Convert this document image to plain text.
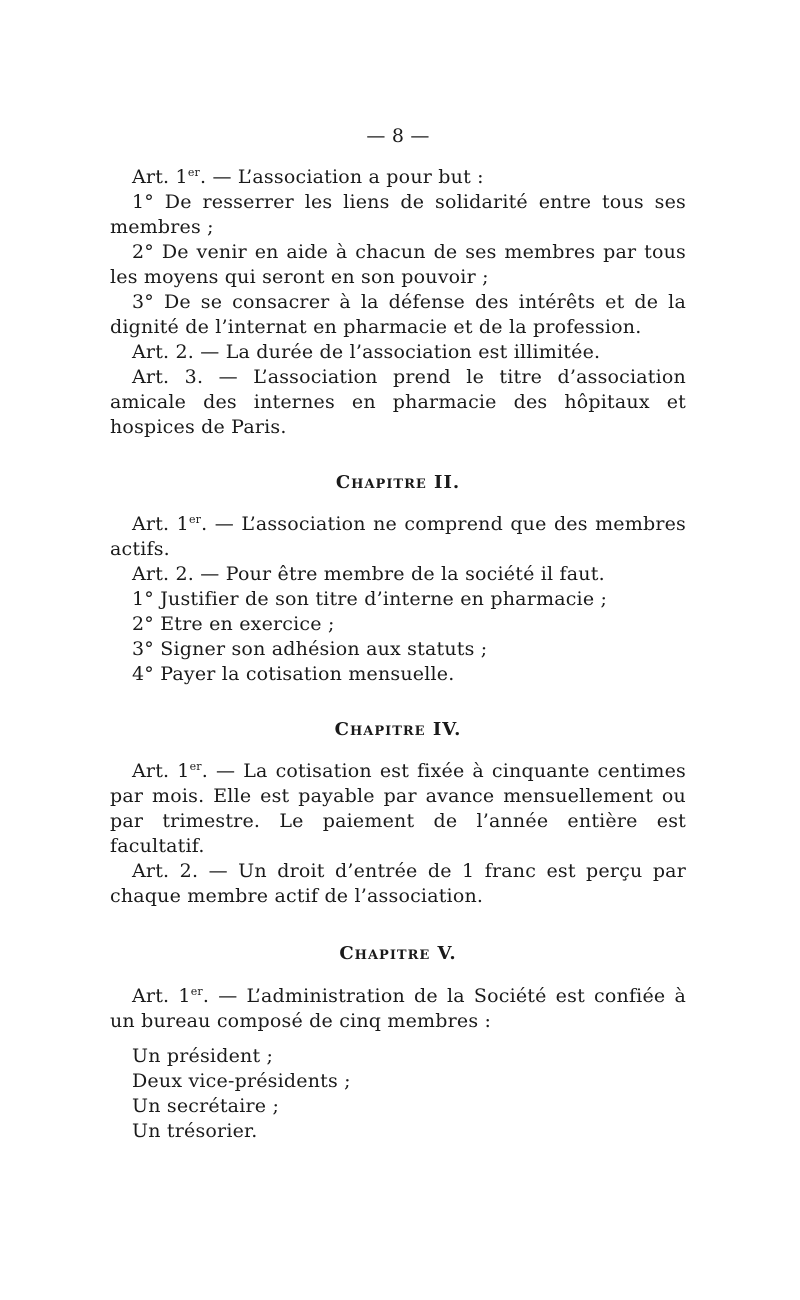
— 8 —

Art. 1er. — L’association a pour but :

1° De resserrer les liens de solidarité entre tous ses membres ;

2° De venir en aide à chacun de ses membres par tous les moyens qui seront en son pouvoir ;

3° De se consacrer à la défense des intérêts et de la dignité de l’internat en pharmacie et de la profession.

Art. 2. — La durée de l’association est illimitée.

Art. 3. — L’association prend le titre d’association amicale des internes en pharmacie des hôpitaux et hospices de Paris.

Chapitre II.

Art. 1er. — L’association ne comprend que des membres actifs.

Art. 2. — Pour être membre de la société il faut.

1° Justifier de son titre d’interne en pharmacie ;

2° Etre en exercice ;

3° Signer son adhésion aux statuts ;

4° Payer la cotisation mensuelle.

Chapitre IV.

Art. 1er. — La cotisation est fixée à cinquante centimes par mois. Elle est payable par avance mensuellement ou par trimestre. Le paiement de l’année entière est facultatif.

Art. 2. — Un droit d’entrée de 1 franc est perçu par chaque membre actif de l’association.

Chapitre V.

Art. 1er. — L’administration de la Société est confiée à un bureau composé de cinq membres :

Un président ;

Deux vice-présidents ;

Un secrétaire ;

Un trésorier.
